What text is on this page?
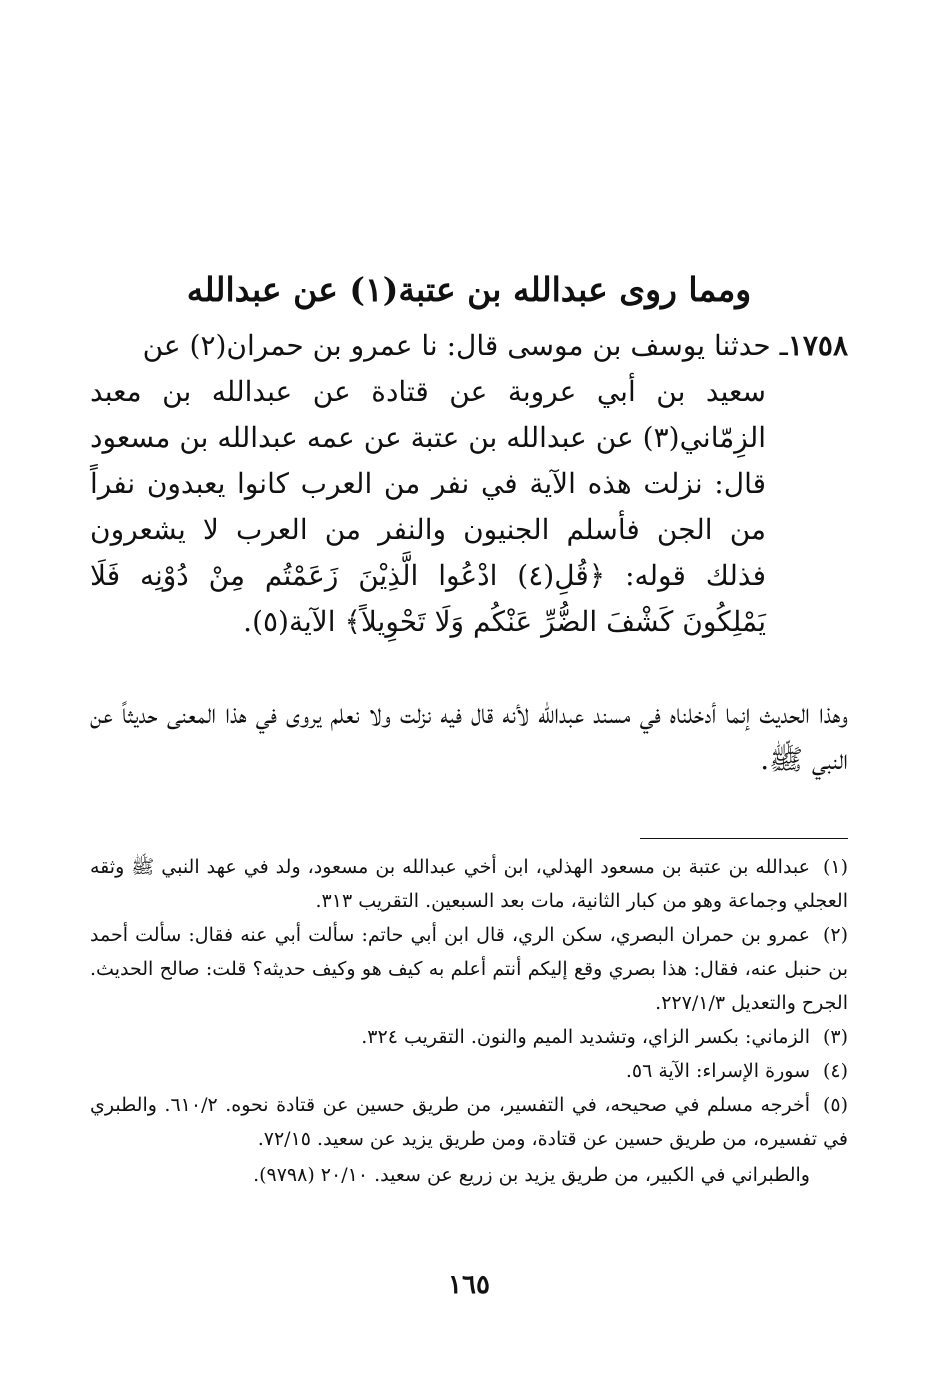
ومما روى عبدالله بن عتبة(١) عن عبدالله

١٧٥٨ـ حدثنا يوسف بن موسى قال: نا عمرو بن حمران(٢) عن
سعيد بن أبي عروبة عن قتادة عن عبدالله بن معبد الزِمّاني(٣) عن عبدالله بن عتبة عن عمه عبدالله بن مسعود قال: نزلت هذه الآية في نفر من العرب كانوا يعبدون نفراً من الجن فأسلم الجنيون والنفر من العرب لا يشعرون فذلك قوله: ﴿قُلِ(٤) ادْعُوا الَّذِيْنَ زَعَمْتُم مِنْ دُوْنِه فَلَا يَمْلِكُونَ كَشْفَ الضُّرِّ عَنْكُم وَلَا تَحْوِيلاً﴾ الآية(٥).

وهذا الحديث إنما أدخلناه في مسند عبدالله لأنه قال فيه نزلت ولا نعلم يروى في هذا المعنى حديثاً عن النبي ﷺ.

(١)عبدالله بن عتبة بن مسعود الهذلي، ابن أخي عبدالله بن مسعود، ولد في عهد النبي ﷺ وثقه العجلي وجماعة وهو من كبار الثانية، مات بعد السبعين. التقريب ٣١٣.
(٢)عمرو بن حمران البصري، سكن الري، قال ابن أبي حاتم: سألت أبي عنه فقال: سألت أحمد بن حنبل عنه، فقال: هذا بصري وقع إليكم أنتم أعلم به كيف هو وكيف حديثه؟ قلت: صالح الحديث. الجرح والتعديل ٢٢٧/١/٣.
(٣)الزماني: بكسر الزاي، وتشديد الميم والنون. التقريب ٣٢٤.
(٤)سورة الإسراء: الآية ٥٦.
(٥)أخرجه مسلم في صحيحه، في التفسير، من طريق حسين عن قتادة نحوه. ٦١٠/٢. والطبري في تفسيره، من طريق حسين عن قتادة، ومن طريق يزيد عن سعيد. ٧٢/١٥.
والطبراني في الكبير، من طريق يزيد بن زريع عن سعيد. ٢٠/١٠ (٩٧٩٨).
١٦٥
